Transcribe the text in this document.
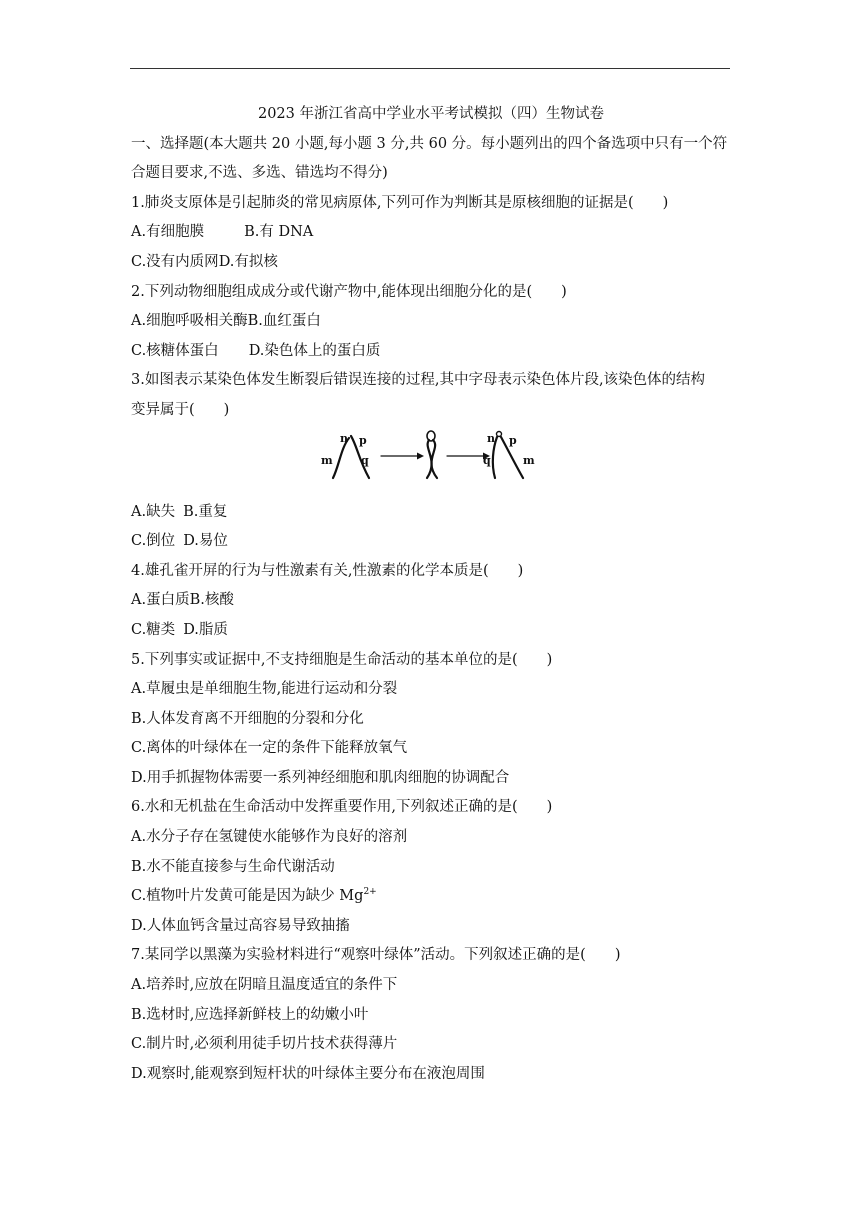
2023 年浙江省高中学业水平考试模拟（四）生物试卷
一、选择题(本大题共 20 小题,每小题 3 分,共 60 分。每小题列出的四个备选项中只有一个符
合题目要求,不选、多选、错选均不得分)
1.肺炎支原体是引起肺炎的常见病原体,下列可作为判断其是原核细胞的证据是(　　)
A.有细胞膜	B.有 DNA
C.没有内质网D.有拟核
2.下列动物细胞组成成分或代谢产物中,能体现出细胞分化的是(　　)
A.细胞呼吸相关酶B.血红蛋白
C.核糖体蛋白 D.染色体上的蛋白质
3.如图表示某染色体发生断裂后错误连接的过程,其中字母表示染色体片段,该染色体的结构
变异属于(　　)
n p
m	q
n p
q	m
A.缺失 B.重复
C.倒位 D.易位
4.雄孔雀开屏的行为与性激素有关,性激素的化学本质是(　　)
A.蛋白质B.核酸
C.糖类 D.脂质
5.下列事实或证据中,不支持细胞是生命活动的基本单位的是(　　)
A.草履虫是单细胞生物,能进行运动和分裂
B.人体发育离不开细胞的分裂和分化
C.离体的叶绿体在一定的条件下能释放氧气
D.用手抓握物体需要一系列神经细胞和肌肉细胞的协调配合
6.水和无机盐在生命活动中发挥重要作用,下列叙述正确的是(　　)
A.水分子存在氢键使水能够作为良好的溶剂
B.水不能直接参与生命代谢活动
C.植物叶片发黄可能是因为缺少 $Mg^{2+}$
D.人体血钙含量过高容易导致抽搐
7.某同学以黑藻为实验材料进行“观察叶绿体”活动。下列叙述正确的是(　　)
A.培养时,应放在阴暗且温度适宜的条件下
B.选材时,应选择新鲜枝上的幼嫩小叶
C.制片时,必须利用徒手切片技术获得薄片
D.观察时,能观察到短杆状的叶绿体主要分布在液泡周围
